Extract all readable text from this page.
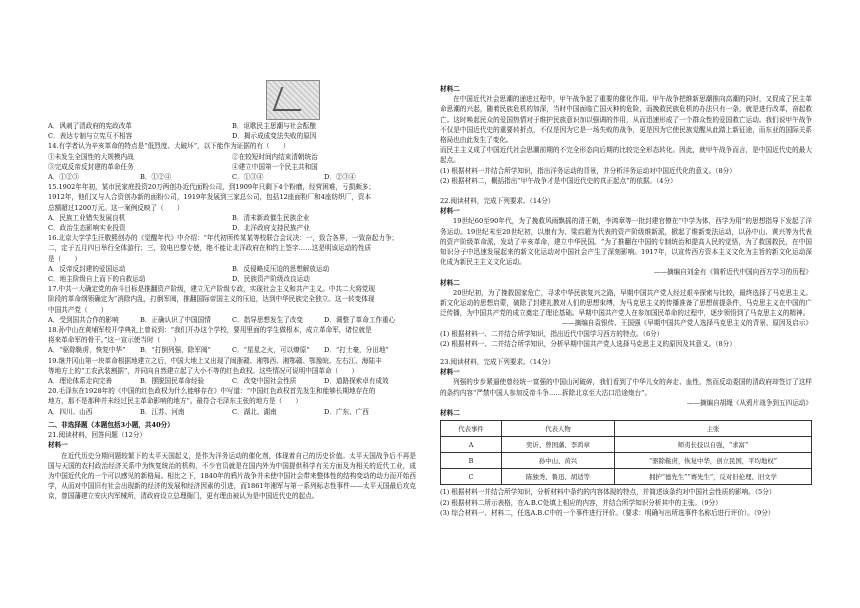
A．讽刺了清政府的宪政改革	B．讴歌民主思潮与社会酝酿
C．表达专制与立宪互不相容	D．揭示成成变法失败的原因

14.有学者认为辛亥革命的特点是“低烈度、大破坏”，以下能作为证据的有（　　）

①未发生全国性的大规模内战	②在较短时间内结束清朝统治
③完成反帝反封建的革命任务	④建立中国第一个民主共和国
A．①②③	B．①②④	C．①③④	D．②③④

15.1902年年初，某市民家庭投资20万两创办近代面粉公司，到1909年只剩下4个粉磨，经营困难，亏损颇多；

1912年，他们又与人合资创办新的面粉公司，1919年发展到三家总公司，包括12座面粉厂和4座纺织厂，资本

总额超过1200万元。这一案例反映了（　　）

A．民族工业错失发展良机	B．清末新政催生民族企业
C．政治生态影响实业投资	D．北洋政府支持民族产业

16.北京大学学生汪敬熙创办的《觉醒年代》中介绍：“年代初所传某某等校联合会议决：一，致合各界，一致奋起力争；

二，定于五月四日举行全体游行；三，致电巴黎专使，绝不能让北洋政府在和约上签字……这是明该运动的性质

是（　　）

A．反帝反封建的爱国运动	B．反侵略反压迫的思想解放运动
C．地主阶级自上而下的自救运动	D．民族资产阶级改良运动

17.中共一大确定党的奋斗目标是推翻资产阶级，建立无产阶级专政，实现社会主义和共产主义。中共二大将党现

阶段的革命纲领确定为“消除内乱，打倒军阀，推翻国际帝国主义的压迫，达到中华民族完全独立。这一转变体现

中国共产党（　　）

A．受到国共合作的影响	B．正确认识了中国国情	C．指导思想发生了改变	D．调整了革命工作重心

18.孙中山在黄埔军校开学典礼上曾说到：“我们开办这个学校，要用里面的学生做根本，成立革命军，诸位就是

将来革命军的骨干。”这一宣示使当时（　　）

A．“驱除鞑虏，恢复中华”	B．“打倒列强，除军阀”	C．“星星之火，可以燎原”	D．“打土豪，分田地”

19.继井冈山第一块革命根据地建立之后，中国大地上又出现了闽浙赣、湘鄂西、湘鄂赣、鄂豫皖、左右江、海陆丰

等地方上的“工农武装割据”，并同向自然建立起了大小不等的红色政权。这些情况可说明中国革命（　　）

A．理论体系走向完善	B．摆脱国民革命经验	C．改变中国社会性质	D．道路探索卓有成效

20.毛泽东在1928年的《中国的红色政权为什么能够存在》中写道：“中国红色政权首先发生和能够长期地存在的

地方，那不是那种并未经过民主革命影响的地方”。最符合毛泽东主张的地方是（　　）

A．四川、山西	B．江苏、河南	C．湖北、湖南	D．广东、广西

二、非选择题（本题包括3小题，共40分）

21.阅读材料，回答问题（12分）

材料一

在近代历史分期问题较繁下的太平天国起义，是作为洋务运动的催化剂，体现着自己的历史价值。太平天国战争后不再是国与天国的农村政治经济关系中为恢复统治的机构，不少官员就是在国内外为中国提供科学有关方面及为相关的近代工业，成为中国近代化的一个可以感见的新格局。相比之下，1840年的鸦片战争并未使中国社会带来整体性的结构变动的动力而开始西学，从而对中国旧有社会出现新的经济的发展和经济因素的引进，而1861年湘军与第一系列标志性事件——太平天国最后攻克京，曾国藩建立安庆内军械所，清政府设立总理衙门，更有理由被认为是中国近代史的起点。

材料二

在中国近代社会思潮的递进过程中，甲午战争起了重要的催化作用。甲午战争把维新思潮推向高潮的同时，又促成了民主革命思潮的兴起，随着民族危机的加深，当时中国面临亡国灭种的危险，而挽救民族危机的办法只有一条，就是进行改革，奋起救亡。这时唤起民众的爱国热情对于维护民族意识加以强调的作用，从而迅速形成了一个群众性的爱国救亡运动。我们说甲午战争不仅是中国近代史的重要转折点，不仅是因为它是一场失败的战争，更是因为它使民族觉醒从此踏上新征途，而东亚的国际关系格局也由此发生了变化。

而民主主义成了中国近代社会思潮前期的不完全形态向后期的比较完全形态转化。因此，就甲午战争而言，是中国近代史的最大起点。

(1) 根据材料一并结合所学知识，指出洋务运动的背景，并分析洋务运动对中国近代化的意义。（8分）

(2) 根据材料二，概括指出“甲午战争才是中国近代史的真正起点”的依据。（4分）

22.阅读材料，完成下列要求。（14分）

材料一

19世纪60至90年代，为了挽救风雨飘摇的清王朝，李鸿章等一批封建官僚在“中学为体，西学为用”的思想指导下发起了洋务运动。19世纪末至20世纪初，以康有为、梁启超为代表的资产阶级维新派，掀起了维新变法运动，以孙中山、黄兴等为代表的资产阶级革命派，发动了辛亥革命，建立中华民国。“为了推翻在中国的专制统治和提高人民的觉悟，为了救国救民，在中国知识分子中迅速发展起来的新文化运动对中国社会产生了深刻影响。1917年，以宣传西方资本主义文化为主旨的新文化运动深化成为新民主主义文化运动。

——摘编自刘金有《简析近代中国向西方学习的历程》

材料二

20世纪初，为了挽救国家危亡，寻求中华民族复兴之路，早期中国共产党人经过艰辛探索与比较，最终选择了马克思主义。新文化运动的思想启蒙，破除了封建礼教对人们的思想束缚，为马克思主义的传播准备了思想前提条件，马克思主义在中国的广泛传播，为中国共产党的成立奠定了理论基础。早期中国共产党人在参加国民革命的过程中，逐步领悟到了马克思主义的精神。

——摘编自袁银传、王国强《早期中国共产党人选择马克思主义的背景、原因及启示》

(1) 根据材料一、二并结合所学知识，指出近代中国学习西方的特点。（6分）

(2) 根据材料一、二并结合所学知识，分析早期中国共产党人选择马克思主义的原因及其意义。（8分）

23.阅读材料，完成下列要求。（14分）

材料一

列强的步步紧逼使曾经统一富强的中国山河破碎，我们看到了中华儿女的奔走、血性，然而反动委国的清政府却签订了这样的条约内容“严禁中国人参加反帝斗争……拆除北京至大沽口沿途炮台”。

——摘编自胡绳《从鸦片战争到五四运动》

材料二

代表事件	代表人物	主张
A	奕䜣、曾国藩、李鸿章	师夷长技以自强，“求富”
B	孙中山、黄兴	“驱除鞑虏，恢复中华，创立民国，平均地权”
C	陈独秀、鲁迅、胡适等	拥护“德先生”“赛先生”，反对旧伦理、旧文学

(1) 根据材料一并结合所学知识，分析材料中条约的内容体现的特点，并简述该条约对中国社会性质的影响。（5分）

(2) 根据材料二所示表格，在A.B.C处填上相应的内容，并结合所学知识分析其中的主张。（9分）

(3) 综合材料一、材料二，任选A.B.C中的一个事件进行评价。（要求：明确写出所选事件名称后进行评价）。（9分）
